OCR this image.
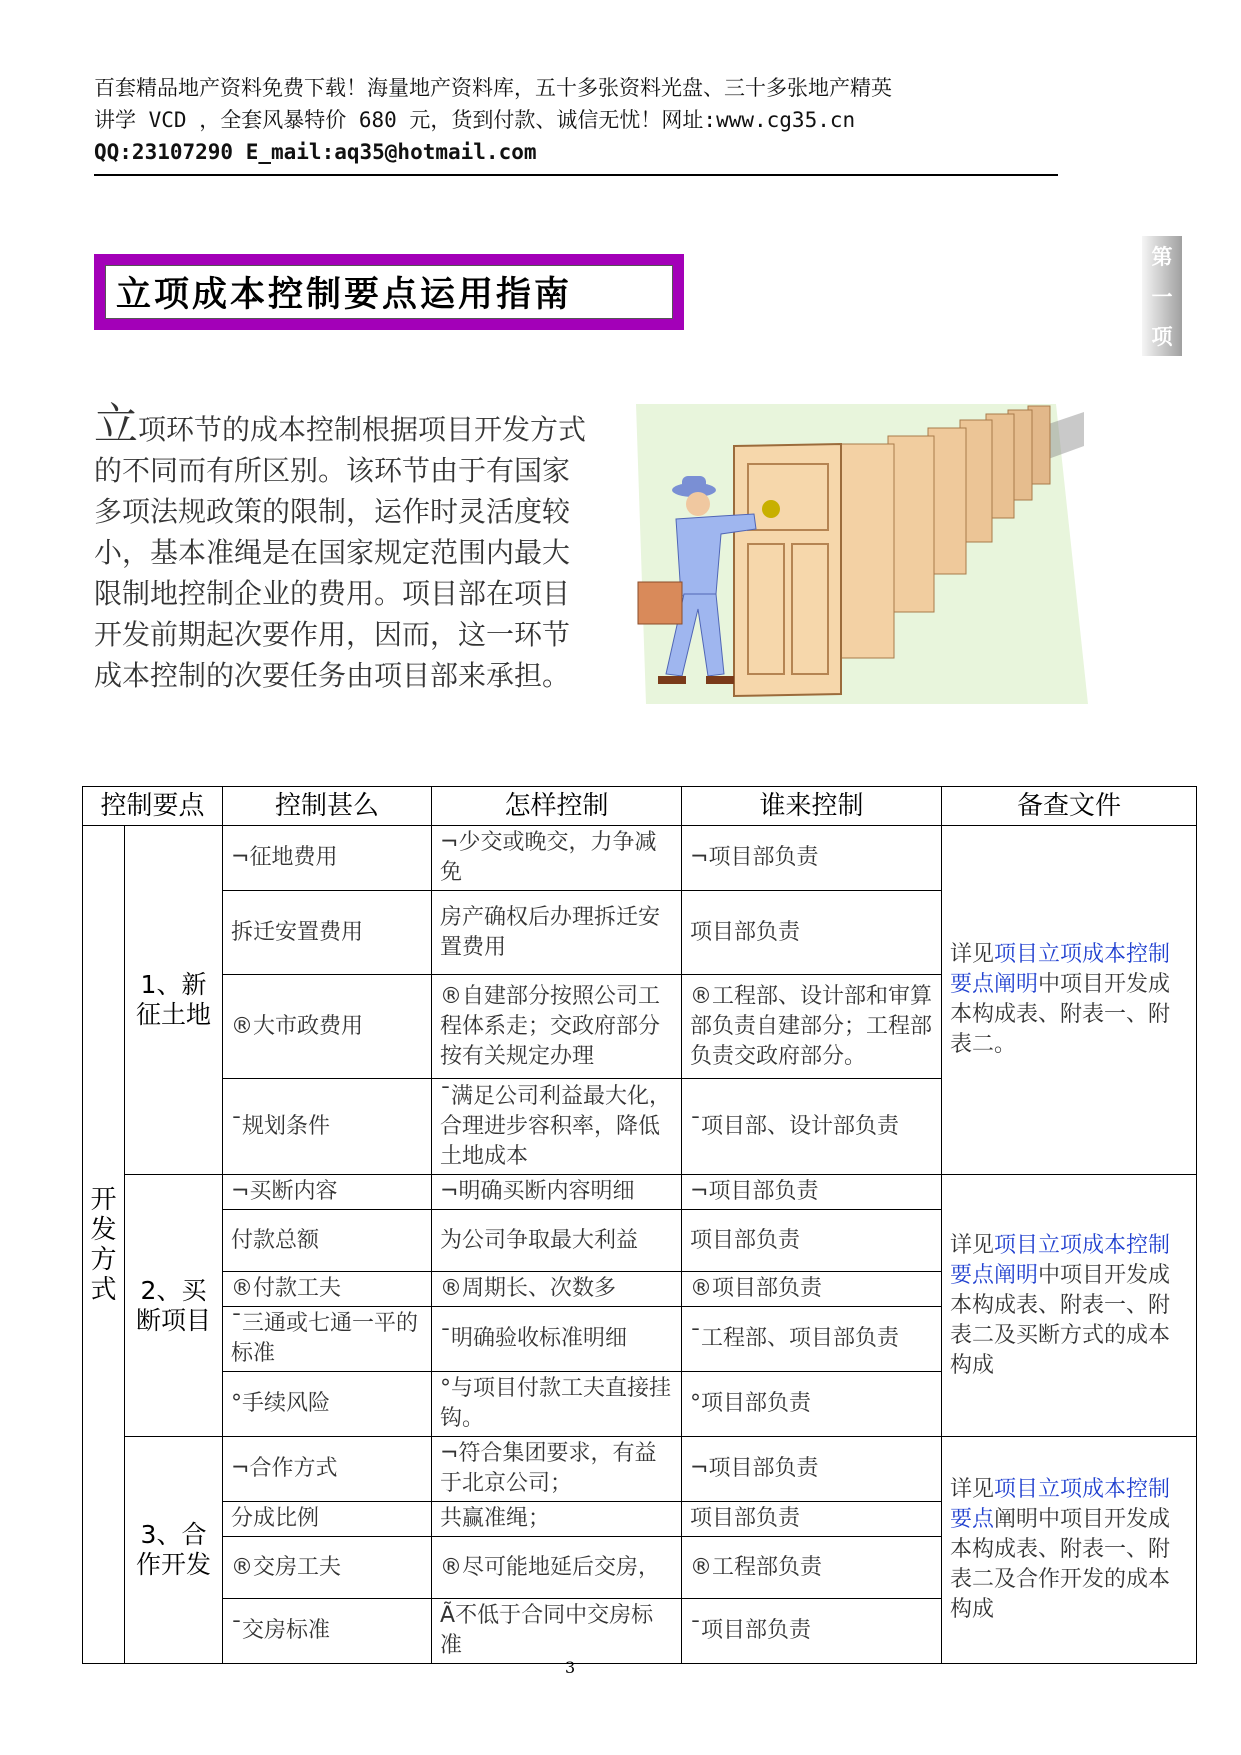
百套精品地产资料免费下载！海量地产资料库，五十多张资料光盘、三十多张地产精英
讲学 VCD ，全套风暴特价 680 元，货到付款、诚信无忧！网址:www.cg35.cn
QQ:23107290 E_mail:aq35@hotmail.com
立项成本控制要点运用指南
第
一
项
立项环节的成本控制根据项目开发方式的不同而有所区别。该环节由于有国家多项法规政策的限制，运作时灵活度较小，基本准绳是在国家规定范围内最大限制地控制企业的费用。项目部在项目开发前期起次要作用，因而，这一环节成本控制的次要任务由项目部来承担。
控制要点		控制甚么	怎样控制	谁来控制	备查文件

开发方式	1、新征土地	¬征地费用	¬少交或晚交，力争减免	¬项目部负责	详见项目立项成本控制要点阐明中项目开发成本构成表、附表一、附表二。
		拆迁安置费用	房产确权后办理拆迁安置费用	项目部负责	
		®大市政费用	®自建部分按照公司工程体系走；交政府部分按有关规定办理	®工程部、设计部和审算部负责自建部分；工程部负责交政府部分。	
		¯规划条件	¯满足公司利益最大化，合理进步容积率，降低土地成本	¯项目部、设计部负责	
	2、买断项目	¬买断内容	¬明确买断内容明细	¬项目部负责	详见项目立项成本控制要点阐明中项目开发成本构成表、附表一、附表二及买断方式的成本构成
		付款总额	为公司争取最大利益	项目部负责	
		®付款工夫	®周期长、次数多	®项目部负责	
		¯三通或七通一平的标准	¯明确验收标准明细	¯工程部、项目部负责	
		°手续风险	°与项目付款工夫直接挂钩。	°项目部负责	
	3、合作开发	¬合作方式	¬符合集团要求，有益于北京公司；	¬项目部负责	详见项目立项成本控制要点阐明中项目开发成本构成表、附表一、附表二及合作开发的成本构成
		分成比例	共赢准绳；	项目部负责	
		®交房工夫	®尽可能地延后交房，	®工程部负责	
		¯交房标准	Ã不低于合同中交房标准	¯项目部负责	
3
